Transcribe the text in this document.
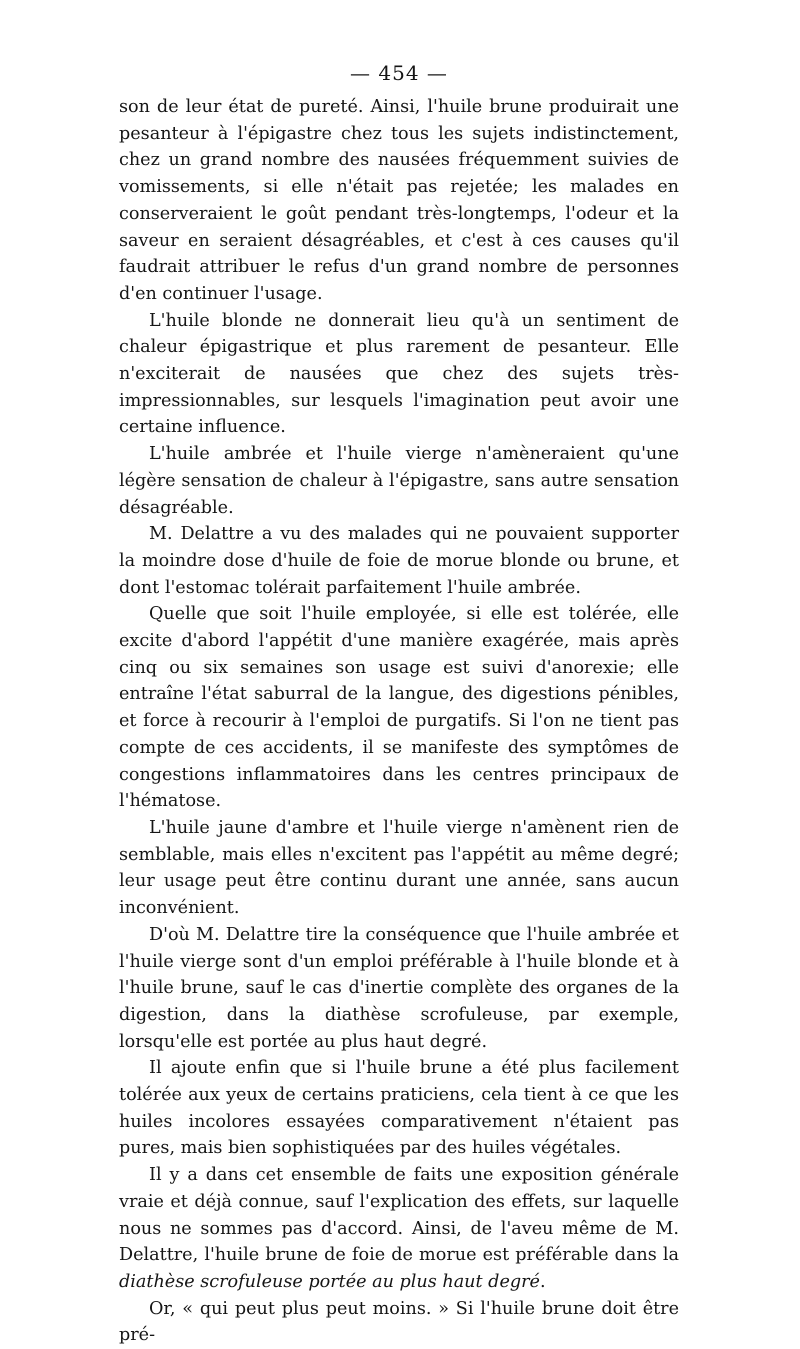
— 454 —

son de leur état de pureté. Ainsi, l'huile brune produirait une pesanteur à l'épigastre chez tous les sujets indistinctement, chez un grand nombre des nausées fréquemment suivies de vomissements, si elle n'était pas rejetée; les malades en conserveraient le goût pendant très-longtemps, l'odeur et la saveur en seraient désagréables, et c'est à ces causes qu'il faudrait attribuer le refus d'un grand nombre de personnes d'en continuer l'usage.

L'huile blonde ne donnerait lieu qu'à un sentiment de chaleur épigastrique et plus rarement de pesanteur. Elle n'exciterait de nausées que chez des sujets très-impressionnables, sur lesquels l'imagination peut avoir une certaine influence.

L'huile ambrée et l'huile vierge n'amèneraient qu'une légère sensation de chaleur à l'épigastre, sans autre sensation désagréable.

M. Delattre a vu des malades qui ne pouvaient supporter la moindre dose d'huile de foie de morue blonde ou brune, et dont l'estomac tolérait parfaitement l'huile ambrée.

Quelle que soit l'huile employée, si elle est tolérée, elle excite d'abord l'appétit d'une manière exagérée, mais après cinq ou six semaines son usage est suivi d'anorexie; elle entraîne l'état saburral de la langue, des digestions pénibles, et force à recourir à l'emploi de purgatifs. Si l'on ne tient pas compte de ces accidents, il se manifeste des symptômes de congestions inflammatoires dans les centres principaux de l'hématose.

L'huile jaune d'ambre et l'huile vierge n'amènent rien de semblable, mais elles n'excitent pas l'appétit au même degré; leur usage peut être continu durant une année, sans aucun inconvénient.

D'où M. Delattre tire la conséquence que l'huile ambrée et l'huile vierge sont d'un emploi préférable à l'huile blonde et à l'huile brune, sauf le cas d'inertie complète des organes de la digestion, dans la diathèse scrofuleuse, par exemple, lorsqu'elle est portée au plus haut degré.

Il ajoute enfin que si l'huile brune a été plus facilement tolérée aux yeux de certains praticiens, cela tient à ce que les huiles incolores essayées comparativement n'étaient pas pures, mais bien sophistiquées par des huiles végétales.

Il y a dans cet ensemble de faits une exposition générale vraie et déjà connue, sauf l'explication des effets, sur laquelle nous ne sommes pas d'accord. Ainsi, de l'aveu même de M. Delattre, l'huile brune de foie de morue est préférable dans la diathèse scrofuleuse portée au plus haut degré.

Or, « qui peut plus peut moins. » Si l'huile brune doit être pré-
